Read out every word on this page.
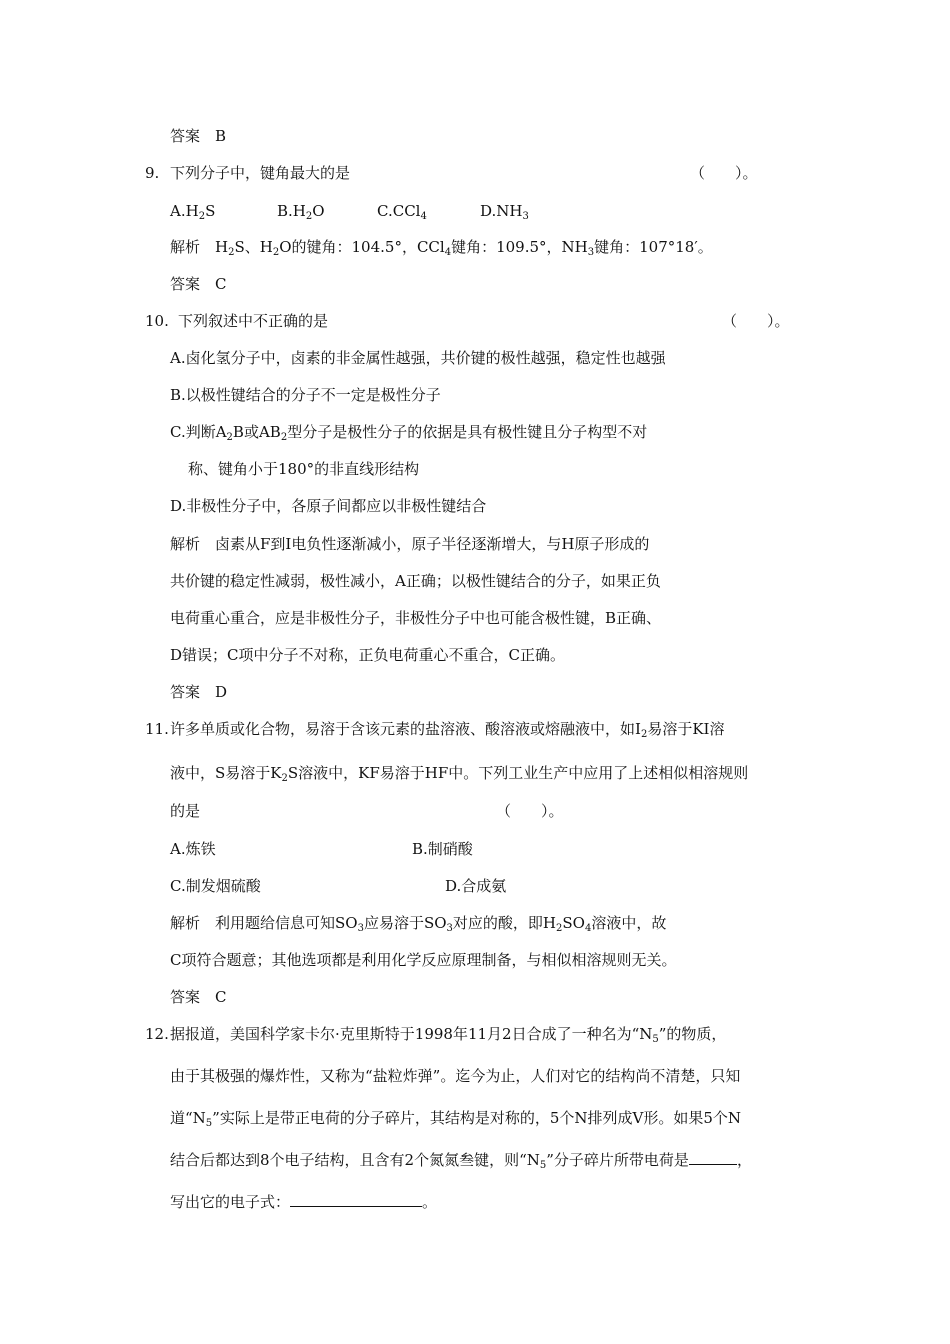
答案　B
9. 下列分子中，键角最大的是	（　　）。
$A.H_2S$	$B.H_2O$	C.CCl$_4$	$D.NH_3$
解析　$H_2S$、$H_2O$的键角：104.5°，CCl$_4$键角：109.5°，$NH_3$键角：107°18′。
答案　C
10. 下列叙述中不正确的是	（　　）。
A.卤化氢分子中，卤素的非金属性越强，共价键的极性越强，稳定性也越强
B.以极性键结合的分子不一定是极性分子
C.判断$A_2B$或$AB_2$型分子是极性分子的依据是具有极性键且分子构型不对
称、键角小于180°的非直线形结构
D.非极性分子中，各原子间都应以非极性键结合
解析　卤素从F到I电负性逐渐减小，原子半径逐渐增大，与H原子形成的
共价键的稳定性减弱，极性减小，A正确；以极性键结合的分子，如果正负
电荷重心重合，应是非极性分子，非极性分子中也可能含极性键，B正确、
D错误；C项中分子不对称，正负电荷重心不重合，C正确。
答案　D
11. 许多单质或化合物，易溶于含该元素的盐溶液、酸溶液或熔融液中，如$I_2$易溶于KI溶
液中，S易溶于$K_2S$溶液中，KF易溶于HF中。下列工业生产中应用了上述相似相溶规则
的是	（　　）。
A.炼铁	B.制硝酸
C.制发烟硫酸	D.合成氨
解析　利用题给信息可知$SO_3$应易溶于$SO_3$对应的酸，即$H_2SO_4$溶液中，故
C项符合题意；其他选项都是利用化学反应原理制备，与相似相溶规则无关。
答案　C
12. 据报道，美国科学家卡尔·克里斯特于1998年11月2日合成了一种名为“$N_5$”的物质，
由于其极强的爆炸性，又称为“盐粒炸弹”。迄今为止，人们对它的结构尚不清楚，只知
道“$N_5$”实际上是带正电荷的分子碎片，其结构是对称的，5个N排列成V形。如果5个N
结合后都达到8个电子结构，且含有2个氮氮叁键，则“$N_5$”分子碎片所带电荷是	，
写出它的电子式：	。
